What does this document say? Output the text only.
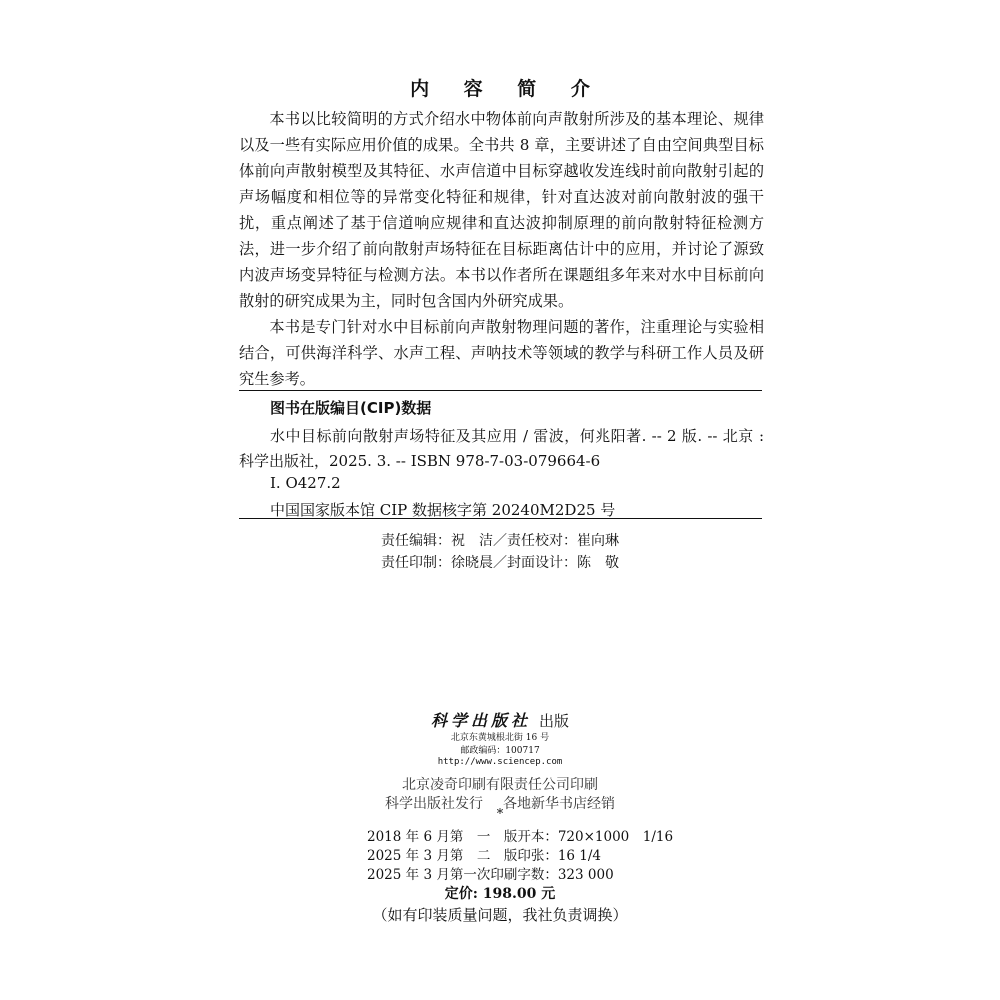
内 容 简 介

本书以比较简明的方式介绍水中物体前向声散射所涉及的基本理论、规律以及一些有实际应用价值的成果。全书共 8 章，主要讲述了自由空间典型目标体前向声散射模型及其特征、水声信道中目标穿越收发连线时前向散射引起的声场幅度和相位等的异常变化特征和规律，针对直达波对前向散射波的强干扰，重点阐述了基于信道响应规律和直达波抑制原理的前向散射特征检测方法，进一步介绍了前向散射声场特征在目标距离估计中的应用，并讨论了源致内波声场变异特征与检测方法。本书以作者所在课题组多年来对水中目标前向散射的研究成果为主，同时包含国内外研究成果。

本书是专门针对水中目标前向声散射物理问题的著作，注重理论与实验相结合，可供海洋科学、水声工程、声呐技术等领域的教学与科研工作人员及研究生参考。

图书在版编目(CIP)数据
水中目标前向散射声场特征及其应用 / 雷波，何兆阳著. -- 2 版. -- 北京 : 科学出版社，2025. 3. -- ISBN 978-7-03-079664-6
Ⅰ. O427.2
中国国家版本馆 CIP 数据核字第 20240M2D25 号
责任编辑：祝　洁／责任校对：崔向琳
责任印制：徐晓晨／封面设计：陈　敬
科学出版社 出版
北京东黄城根北街 16 号
邮政编码：100717
http://www.sciencep.com
北京凌奇印刷有限责任公司印刷
科学出版社发行 各地新华书店经销
*
2018 年 6 月第　一　版	开本：720×1000　1/16
2025 年 3 月第　二　版	印张：16 1/4
2025 年 3 月第一次印刷	字数：323 000
定价: 198.00 元
（如有印装质量问题，我社负责调换）
